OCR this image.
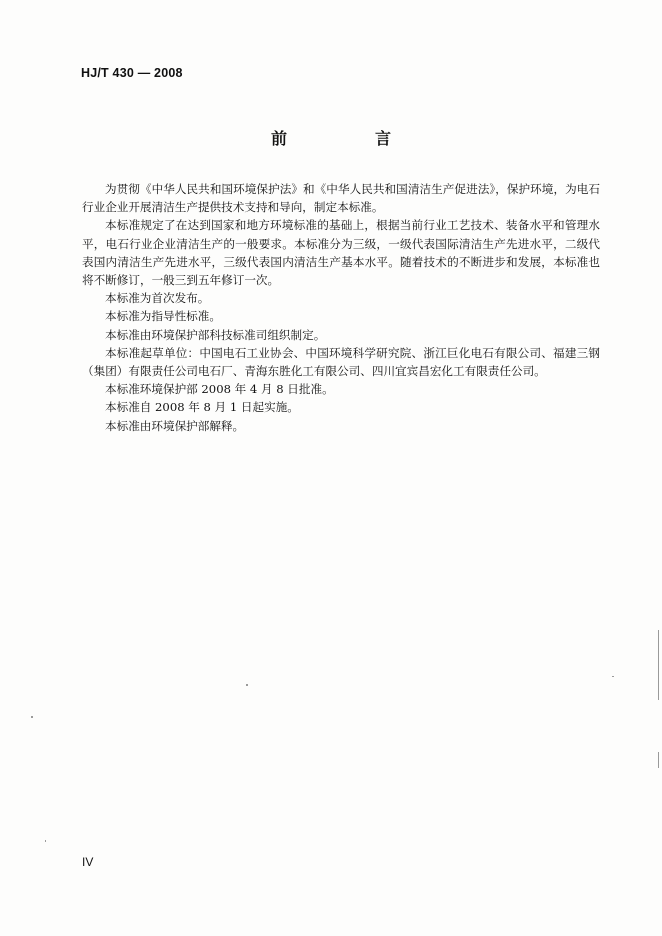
HJ/T 430 — 2008
前　言

为贯彻《中华人民共和国环境保护法》和《中华人民共和国清洁生产促进法》，保护环境，为电石行业企业开展清洁生产提供技术支持和导向，制定本标准。

本标准规定了在达到国家和地方环境标准的基础上，根据当前行业工艺技术、装备水平和管理水平，电石行业企业清洁生产的一般要求。本标准分为三级，一级代表国际清洁生产先进水平，二级代表国内清洁生产先进水平，三级代表国内清洁生产基本水平。随着技术的不断进步和发展，本标准也将不断修订，一般三到五年修订一次。

本标准为首次发布。

本标准为指导性标准。

本标准由环境保护部科技标准司组织制定。

本标准起草单位：中国电石工业协会、中国环境科学研究院、浙江巨化电石有限公司、福建三钢（集团）有限责任公司电石厂、青海东胜化工有限公司、四川宜宾昌宏化工有限责任公司。

本标准环境保护部 2008 年 4 月 8 日批准。

本标准自 2008 年 8 月 1 日起实施。

本标准由环境保护部解释。

IV
